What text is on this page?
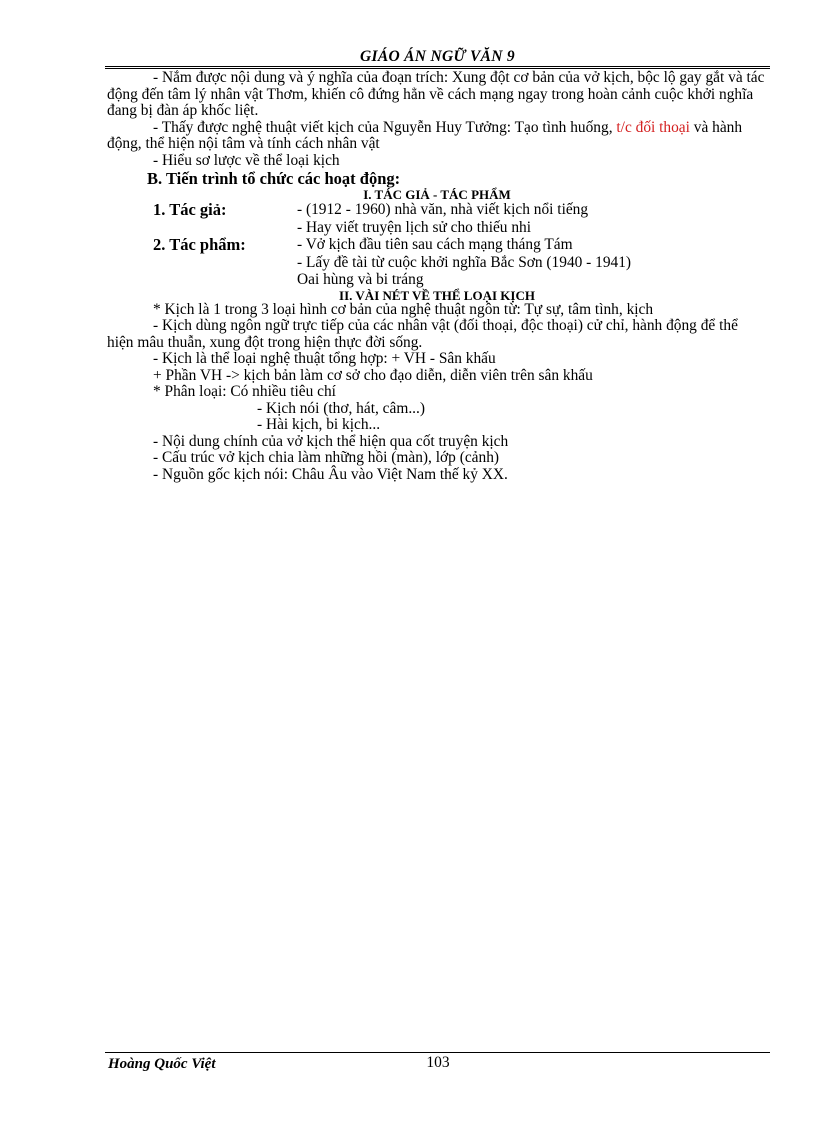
GIÁO ÁN NGỮ VĂN 9

- Nắm được nội dung và ý nghĩa của đoạn trích: Xung đột cơ bản của vở kịch, bộc lộ gay gắt và tác động đến tâm lý nhân vật Thơm, khiến cô đứng hẳn về cách mạng ngay trong hoàn cảnh cuộc khởi nghĩa đang bị đàn áp khốc liệt.

- Thấy được nghệ thuật viết kịch của Nguyễn Huy Tưởng: Tạo tình huống, t/c đối thoại và hành động, thể hiện nội tâm và tính cách nhân vật

- Hiểu sơ lược về thể loại kịch

B. Tiến trình tổ chức các hoạt động:

I. TÁC GIẢ - TÁC PHẨM

1. Tác giả:	- (1912 - 1960) nhà văn, nhà viết kịch nổi tiếng
- Hay viết truyện lịch sử cho thiếu nhi
2. Tác phẩm:	- Vở kịch đầu tiên sau cách mạng tháng Tám
- Lấy đề tài từ cuộc khởi nghĩa Bắc Sơn (1940 - 1941)
Oai hùng và bi tráng

II. VÀI NÉT VỀ THỂ LOẠI KỊCH

* Kịch là 1 trong 3 loại hình cơ bản của nghệ thuật ngôn từ: Tự sự, tâm tình, kịch

- Kịch dùng ngôn ngữ trực tiếp của các nhân vật (đối thoại, độc thoại) cử chỉ, hành động để thể hiện mâu thuẫn, xung đột trong hiện thực đời sống.

- Kịch là thể loại nghệ thuật tổng hợp: + VH - Sân khấu

+ Phần VH -> kịch bản làm cơ sở cho đạo diễn, diễn viên trên sân khấu

* Phân loại: Có nhiều tiêu chí

- Kịch nói (thơ, hát, câm...)

- Hài kịch, bi kịch...

- Nội dung chính của vở kịch thể hiện qua cốt truyện kịch

- Cấu trúc vở kịch chia làm những hồi (màn), lớp (cảnh)

- Nguồn gốc kịch nói: Châu Âu vào Việt Nam thế kỷ XX.

Hoàng Quốc Việt	103
